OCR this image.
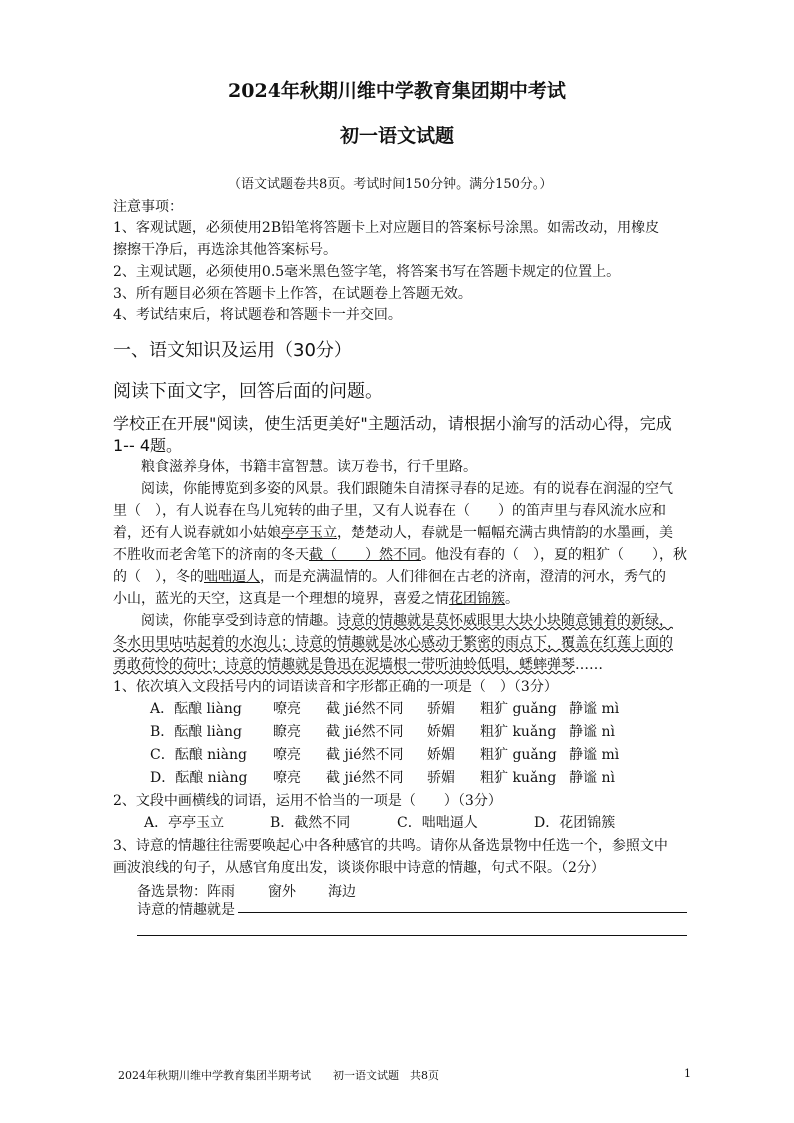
2024年秋期川维中学教育集团期中考试
初一语文试题
（语文试题卷共8页。考试时间150分钟。满分150分。）
注意事项：
1、客观试题，必须使用2B铅笔将答题卡上对应题目的答案标号涂黑。如需改动，用橡皮
擦擦干净后，再选涂其他答案标号。
2、主观试题，必须使用0.5毫米黑色签字笔，将答案书写在答题卡规定的位置上。
3、所有题目必须在答题卡上作答，在试题卷上答题无效。
4、考试结束后，将试题卷和答题卡一并交回。
一、语文知识及运用（30分）
阅读下面文字，回答后面的问题。
学校正在开展"阅读，使生活更美好"主题活动，请根据小渝写的活动心得，完成
1-- 4题。
粮食滋养身体，书籍丰富智慧。读万卷书，行千里路。
阅读，你能博览到多姿的风景。我们跟随朱自清探寻春的足迹。有的说春在润湿的空气
里（　），有人说春在鸟儿宛转的曲子里，又有人说春在（　　）的笛声里与春风流水应和
着，还有人说春就如小姑娘亭亭玉立，楚楚动人，春就是一幅幅充满古典情韵的水墨画，美
不胜收而老舍笔下的济南的冬天截（　　）然不同。他没有春的（　），夏的粗犷（　　），秋
的（　），冬的咄咄逼人，而是充满温情的。人们徘徊在古老的济南，澄清的河水，秀气的
小山，蓝光的天空，这真是一个理想的境界，喜爱之情花团锦簇。
阅读，你能享受到诗意的情趣。诗意的情趣就是莫怀威眼里大块小块随意铺着的新绿，
冬水田里咕咕起着的水泡儿；诗意的情趣就是冰心感动于繁密的雨点下，覆盖在红莲上面的
勇敢荷怜的荷叶；诗意的情趣就是鲁迅在泥墙根一带听油蛉低唱，蟋蟀弹琴……
1、依次填入文段括号内的词语读音和字形都正确的一项是（　）（3分）
A．酝酿 liàng 嘹亮 截 jié然不同 骄媚 粗犷 guǎng 静谧 mì
B．酝酿 liàng 瞭亮 截 jié然不同 娇媚 粗犷 kuǎng 静谧 nì
C．酝酿 niàng 嘹亮 截 jié然不同 娇媚 粗犷 guǎng 静谧 mì
D．酝酿 niàng 嘹亮 截 jié然不同 骄媚 粗犷 kuǎng 静谧 nì
2、文段中画横线的词语，运用不恰当的一项是（　　）（3分）
A．亭亭玉立	B．截然不同	C．咄咄逼人	D．花团锦簇
3、诗意的情趣往往需要唤起心中各种感官的共鸣。请你从备选景物中任选一个，参照文中
画波浪线的句子，从感官角度出发，谈谈你眼中诗意的情趣，句式不限。（2分）
备选景物：阵雨 窗外 海边
诗意的情趣就是
2024年秋期川维中学教育集团半期考试　　初一语文试题　共8页	1
